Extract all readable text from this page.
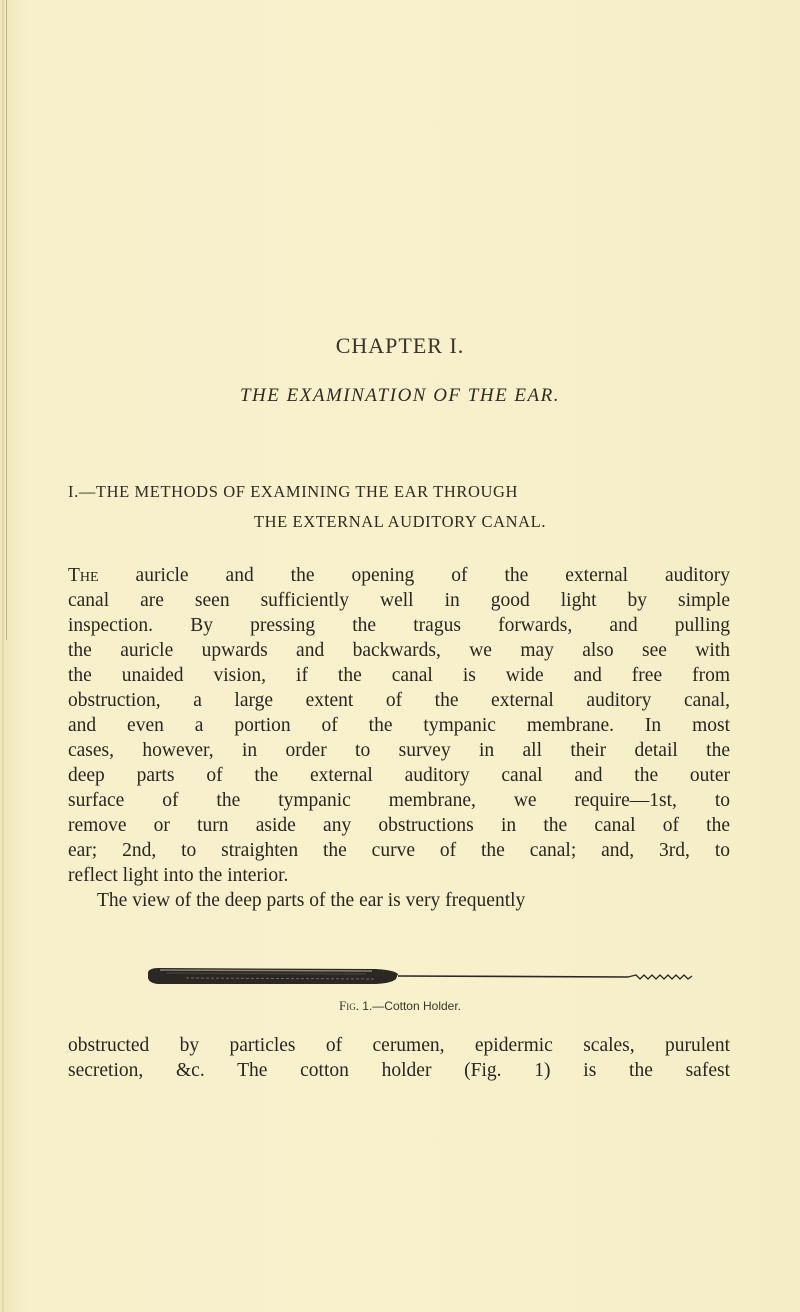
CHAPTER I.
THE EXAMINATION OF THE EAR.
I.—THE METHODS OF EXAMINING THE EAR THROUGH
THE EXTERNAL AUDITORY CANAL.
The auricle and the opening of the external auditory
canal are seen sufficiently well in good light by simple
inspection. By pressing the tragus forwards, and pulling
the auricle upwards and backwards, we may also see with
the unaided vision, if the canal is wide and free from
obstruction, a large extent of the external auditory canal,
and even a portion of the tympanic membrane. In most
cases, however, in order to survey in all their detail the
deep parts of the external auditory canal and the outer
surface of the tympanic membrane, we require—1st, to
remove or turn aside any obstructions in the canal of the
ear; 2nd, to straighten the curve of the canal; and, 3rd, to
reflect light into the interior.
The view of the deep parts of the ear is very frequently
Fig. 1.—Cotton Holder.
obstructed by particles of cerumen, epidermic scales, purulent
secretion, &c. The cotton holder (Fig. 1) is the safest
